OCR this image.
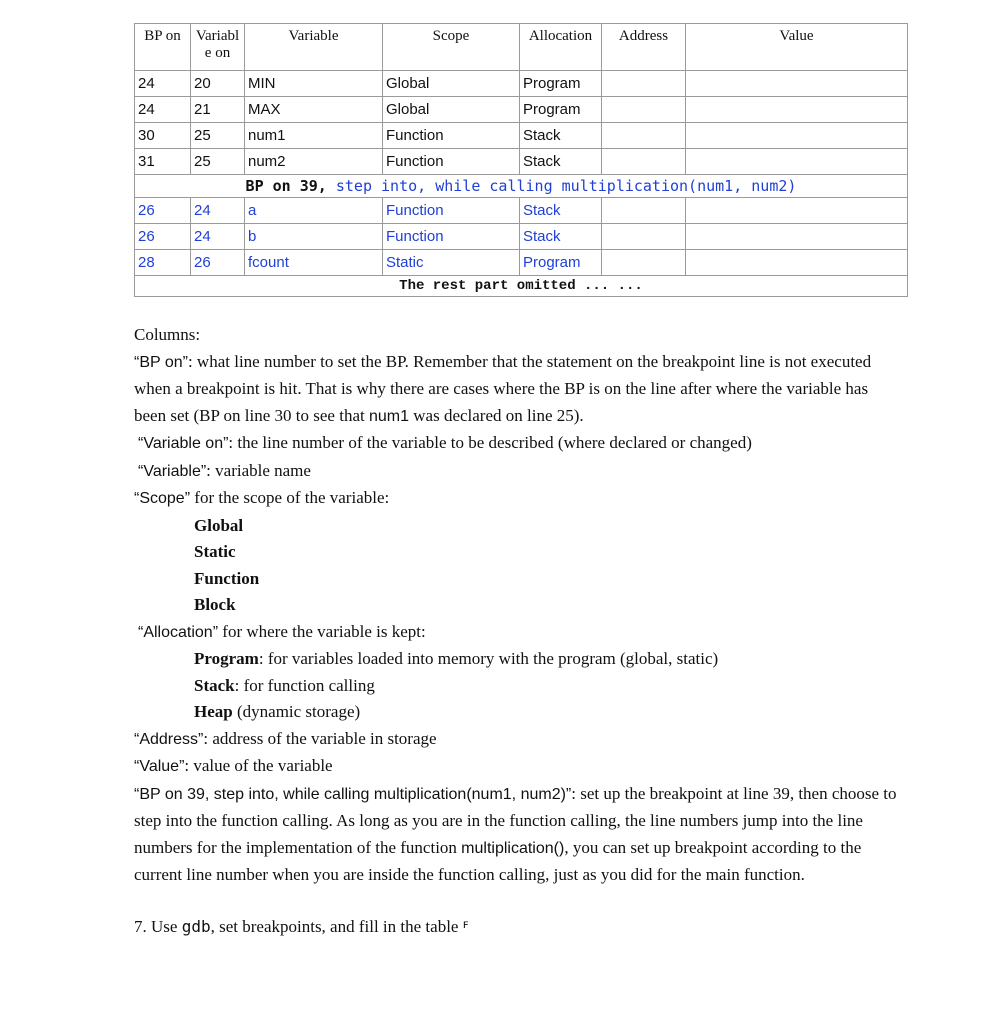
BP on	Variabl e on	Variable	Scope	Allocation	Address	Value
24	20	MIN	Global	Program		
24	21	MAX	Global	Program		
30	25	num1	Function	Stack		
31	25	num2	Function	Stack		
BP on 39, step into, while calling multiplication(num1, num2)						
26	24	a	Function	Stack		
26	24	b	Function	Stack		
28	26	fcount	Static	Program		
The rest part omitted ... ...						

Columns:

“BP on”: what line number to set the BP. Remember that the statement on the breakpoint line is not executed when a breakpoint is hit. That is why there are cases where the BP is on the line after where the variable has been set (BP on line 30 to see that num1 was declared on line 25).

“Variable on”: the line number of the variable to be described (where declared or changed)

“Variable”: variable name

“Scope” for the scope of the variable:

Global

Static

Function

Block

“Allocation” for where the variable is kept:

Program: for variables loaded into memory with the program (global, static)

Stack: for function calling

Heap (dynamic storage)

“Address”: address of the variable in storage

“Value”: value of the variable

“BP on 39, step into, while calling multiplication(num1, num2)”: set up the breakpoint at line 39, then choose to step into the function calling. As long as you are in the function calling, the line numbers jump into the line numbers for the implementation of the function multiplication(), you can set up breakpoint according to the current line number when you are inside the function calling, just as you did for the main function.

7. Use gdb, set breakpoints, and fill in the table $^ꜰ$
